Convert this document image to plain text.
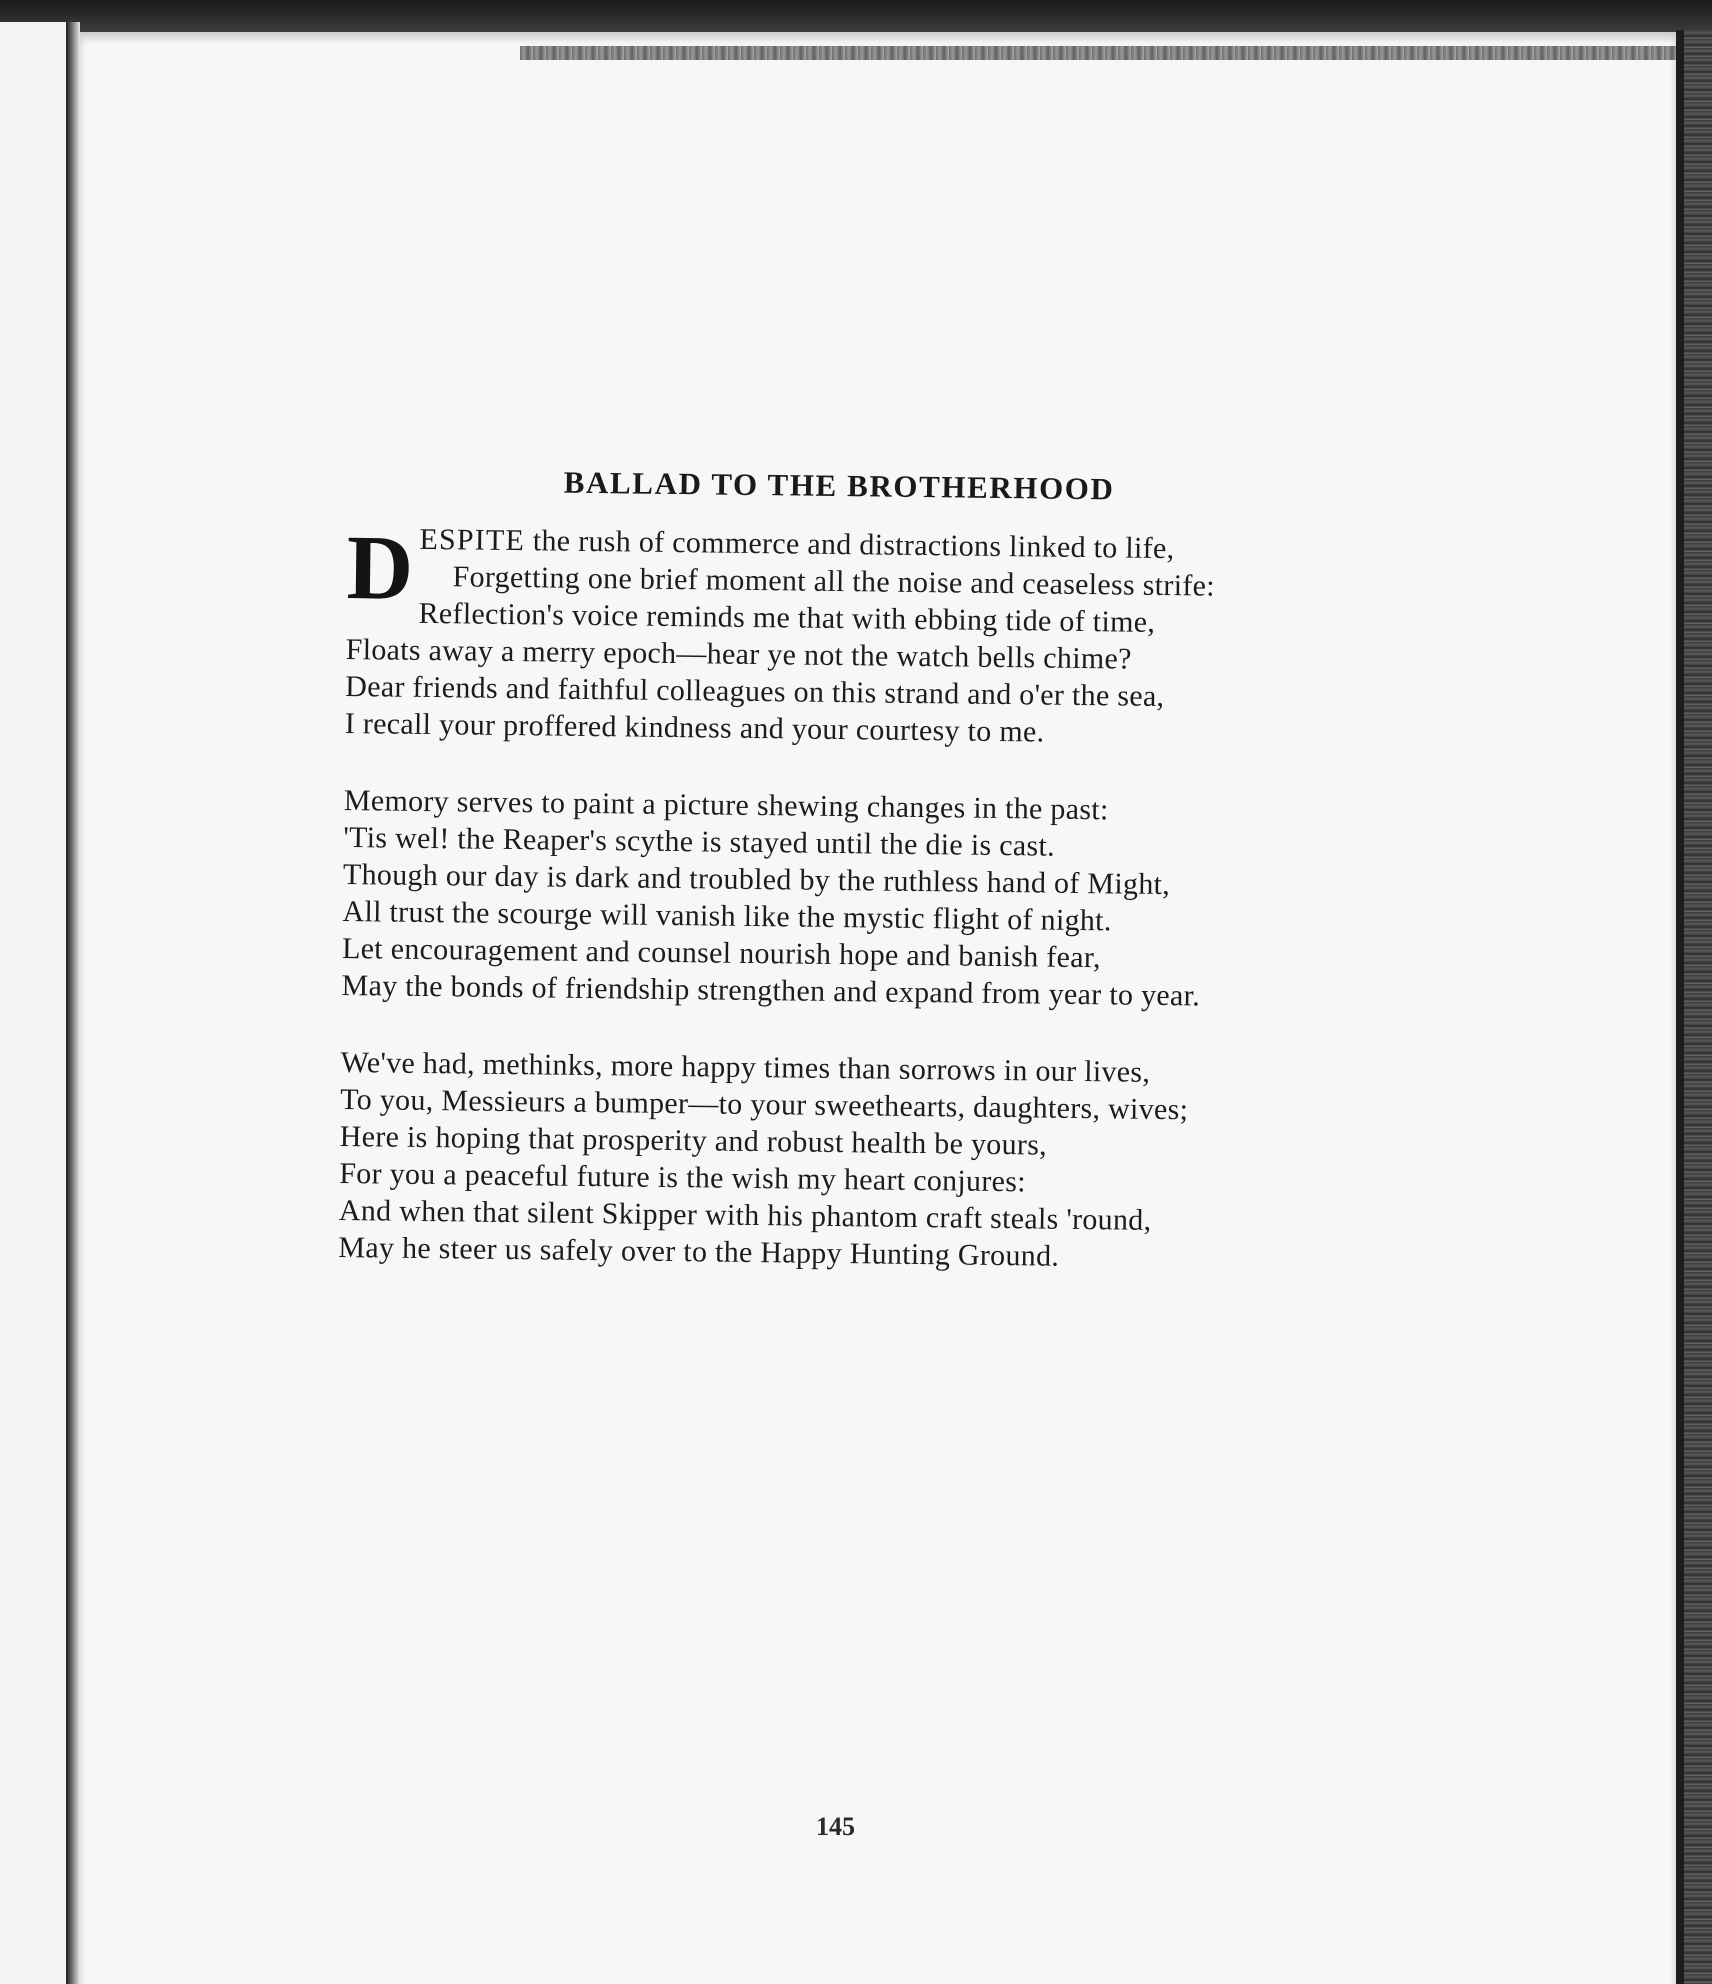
BALLAD TO THE BROTHERHOOD
D ESPITE the rush of commerce and distractions linked to life,
Forgetting one brief moment all the noise and ceaseless strife:
Reflection's voice reminds me that with ebbing tide of time,
Floats away a merry epoch—hear ye not the watch bells chime?
Dear friends and faithful colleagues on this strand and o'er the sea,
I recall your proffered kindness and your courtesy to me.
Memory serves to paint a picture shewing changes in the past:
'Tis wel! the Reaper's scythe is stayed until the die is cast.
Though our day is dark and troubled by the ruthless hand of Might,
All trust the scourge will vanish like the mystic flight of night.
Let encouragement and counsel nourish hope and banish fear,
May the bonds of friendship strengthen and expand from year to year.
We've had, methinks, more happy times than sorrows in our lives,
To you, Messieurs a bumper—to your sweethearts, daughters, wives;
Here is hoping that prosperity and robust health be yours,
For you a peaceful future is the wish my heart conjures:
And when that silent Skipper with his phantom craft steals 'round,
May he steer us safely over to the Happy Hunting Ground.
145
